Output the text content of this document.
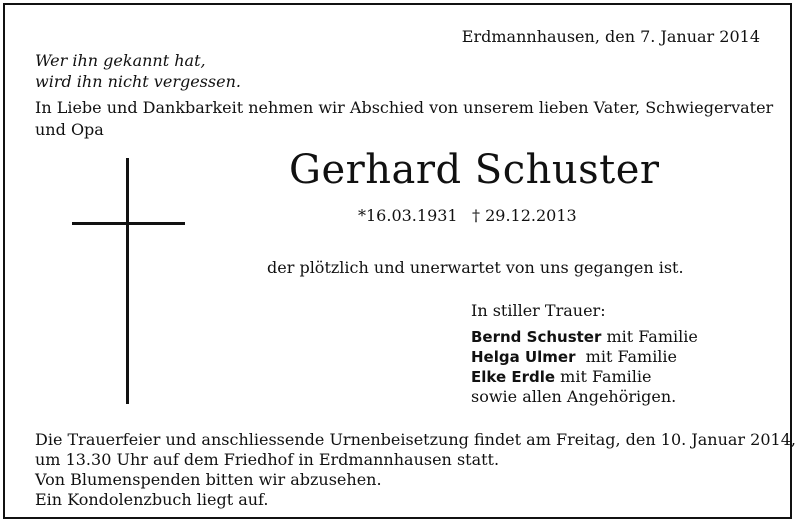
Erdmannhausen, den 7. Januar 2014
Wer ihn gekannt hat,
wird ihn nicht vergessen.
In Liebe und Dankbarkeit nehmen wir Abschied von unserem lieben Vater, Schwiegervater
und Opa
Gerhard Schuster
*16.03.1931 † 29.12.2013
der plötzlich und unerwartet von uns gegangen ist.
In stiller Trauer:
Bernd Schuster mit Familie
Helga Ulmer  mit Familie
Elke Erdle mit Familie
sowie allen Angehörigen.
Die Trauerfeier und anschliessende Urnenbeisetzung findet am Freitag, den 10. Januar 2014,
um 13.30 Uhr auf dem Friedhof in Erdmannhausen statt.
Von Blumenspenden bitten wir abzusehen.
Ein Kondolenzbuch liegt auf.
